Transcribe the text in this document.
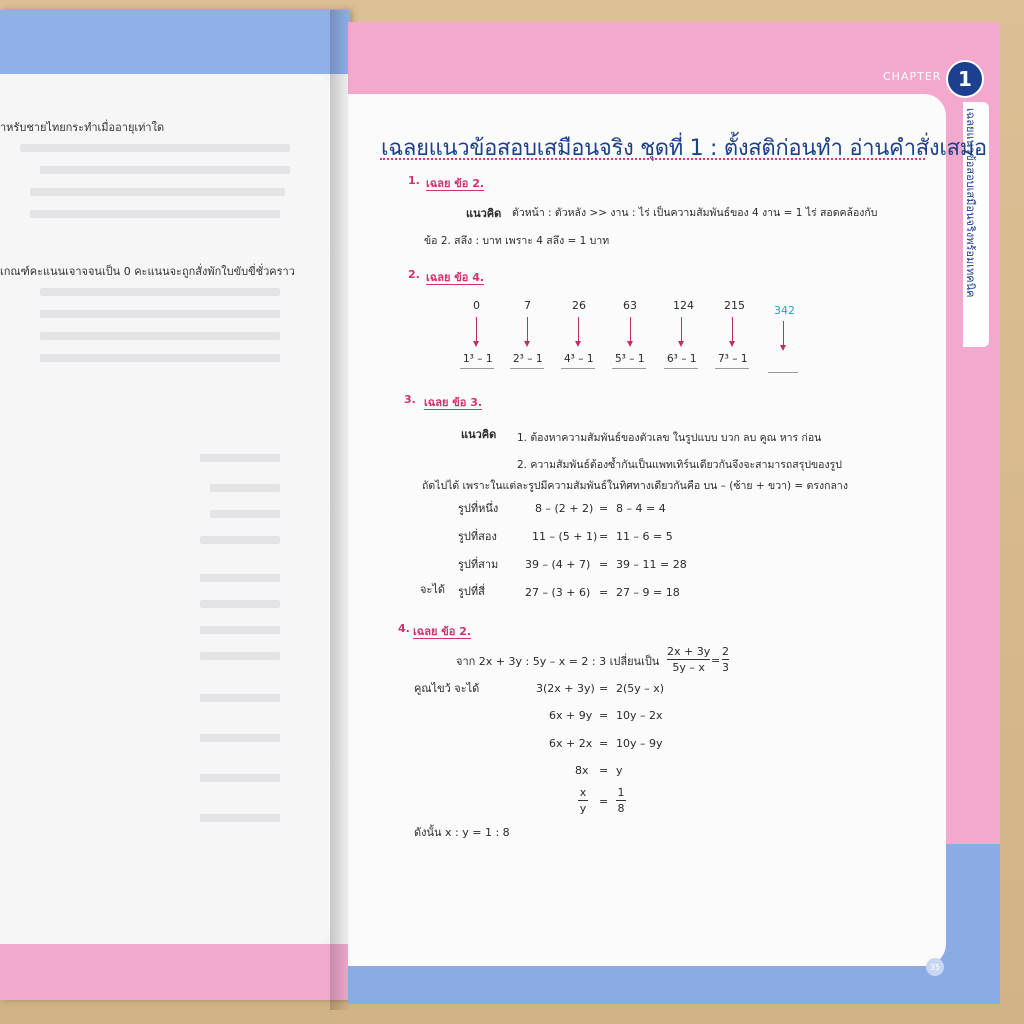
่าหรับชายไทยกระทำเมื่ออายุเท่าใด
เกณฑ์คะแนนเจาจจนเป็น 0 คะแนนจะถูกสั่งพักใบขับขี่ชั่วคราว
CHAPTER 1
เฉลยแนวข้อสอบเสมือนจริงพร้อมเทคนิค
35
เฉลยแนวข้อสอบเสมือนจริง ชุดที่ 1 : ตั้งสติก่อนทำ อ่านคำสั่งเสมอ
1. เฉลย ข้อ 2.
แนวคิด ตัวหน้า : ตัวหลัง >> งาน : ไร่ เป็นความสัมพันธ์ของ 4 งาน = 1 ไร่ สอดคล้องกับ
ข้อ 2. สลึง : บาท เพราะ 4 สลึง = 1 บาท
2. เฉลย ข้อ 4.
0	7	26	63	124	215	342
1³ – 1 2³ – 1 4³ – 1 5³ – 1 6³ – 1 7³ – 1
3. เฉลย ข้อ 3.
แนวคิด 1. ต้องหาความสัมพันธ์ของตัวเลข ในรูปแบบ บวก ลบ คูณ หาร ก่อน
2. ความสัมพันธ์ต้องซ้ำกันเป็นแพทเทิร์นเดียวกันจึงจะสามารถสรุปของรูป
ถัดไปได้ เพราะในแต่ละรูปมีความสัมพันธ์ในทิศทางเดียวกันคือ บน – (ซ้าย + ขวา) = ตรงกลาง
รูปที่หนึ่ง	8 – (2 + 2) = 8 – 4 = 4
รูปที่สอง	11 – (5 + 1) = 11 – 6 = 5
รูปที่สาม 39 – (4 + 7) = 39 – 11 = 28
จะได้ รูปที่สี่	27 – (3 + 6) = 27 – 9 = 18
4. เฉลย ข้อ 2.
จาก 2x + 3y : 5y – x = 2 : 3 เปลี่ยนเป็น
2x + 3y
5y – x
=
2
3
คูณไขว้ จะได้	3(2x + 3y) = 2(5y – x)
6x + 9y = 10y – 2x
6x + 2x = 10y – 9y
8x = y
x
y
=
1
8
ดังนั้น x : y = 1 : 8
